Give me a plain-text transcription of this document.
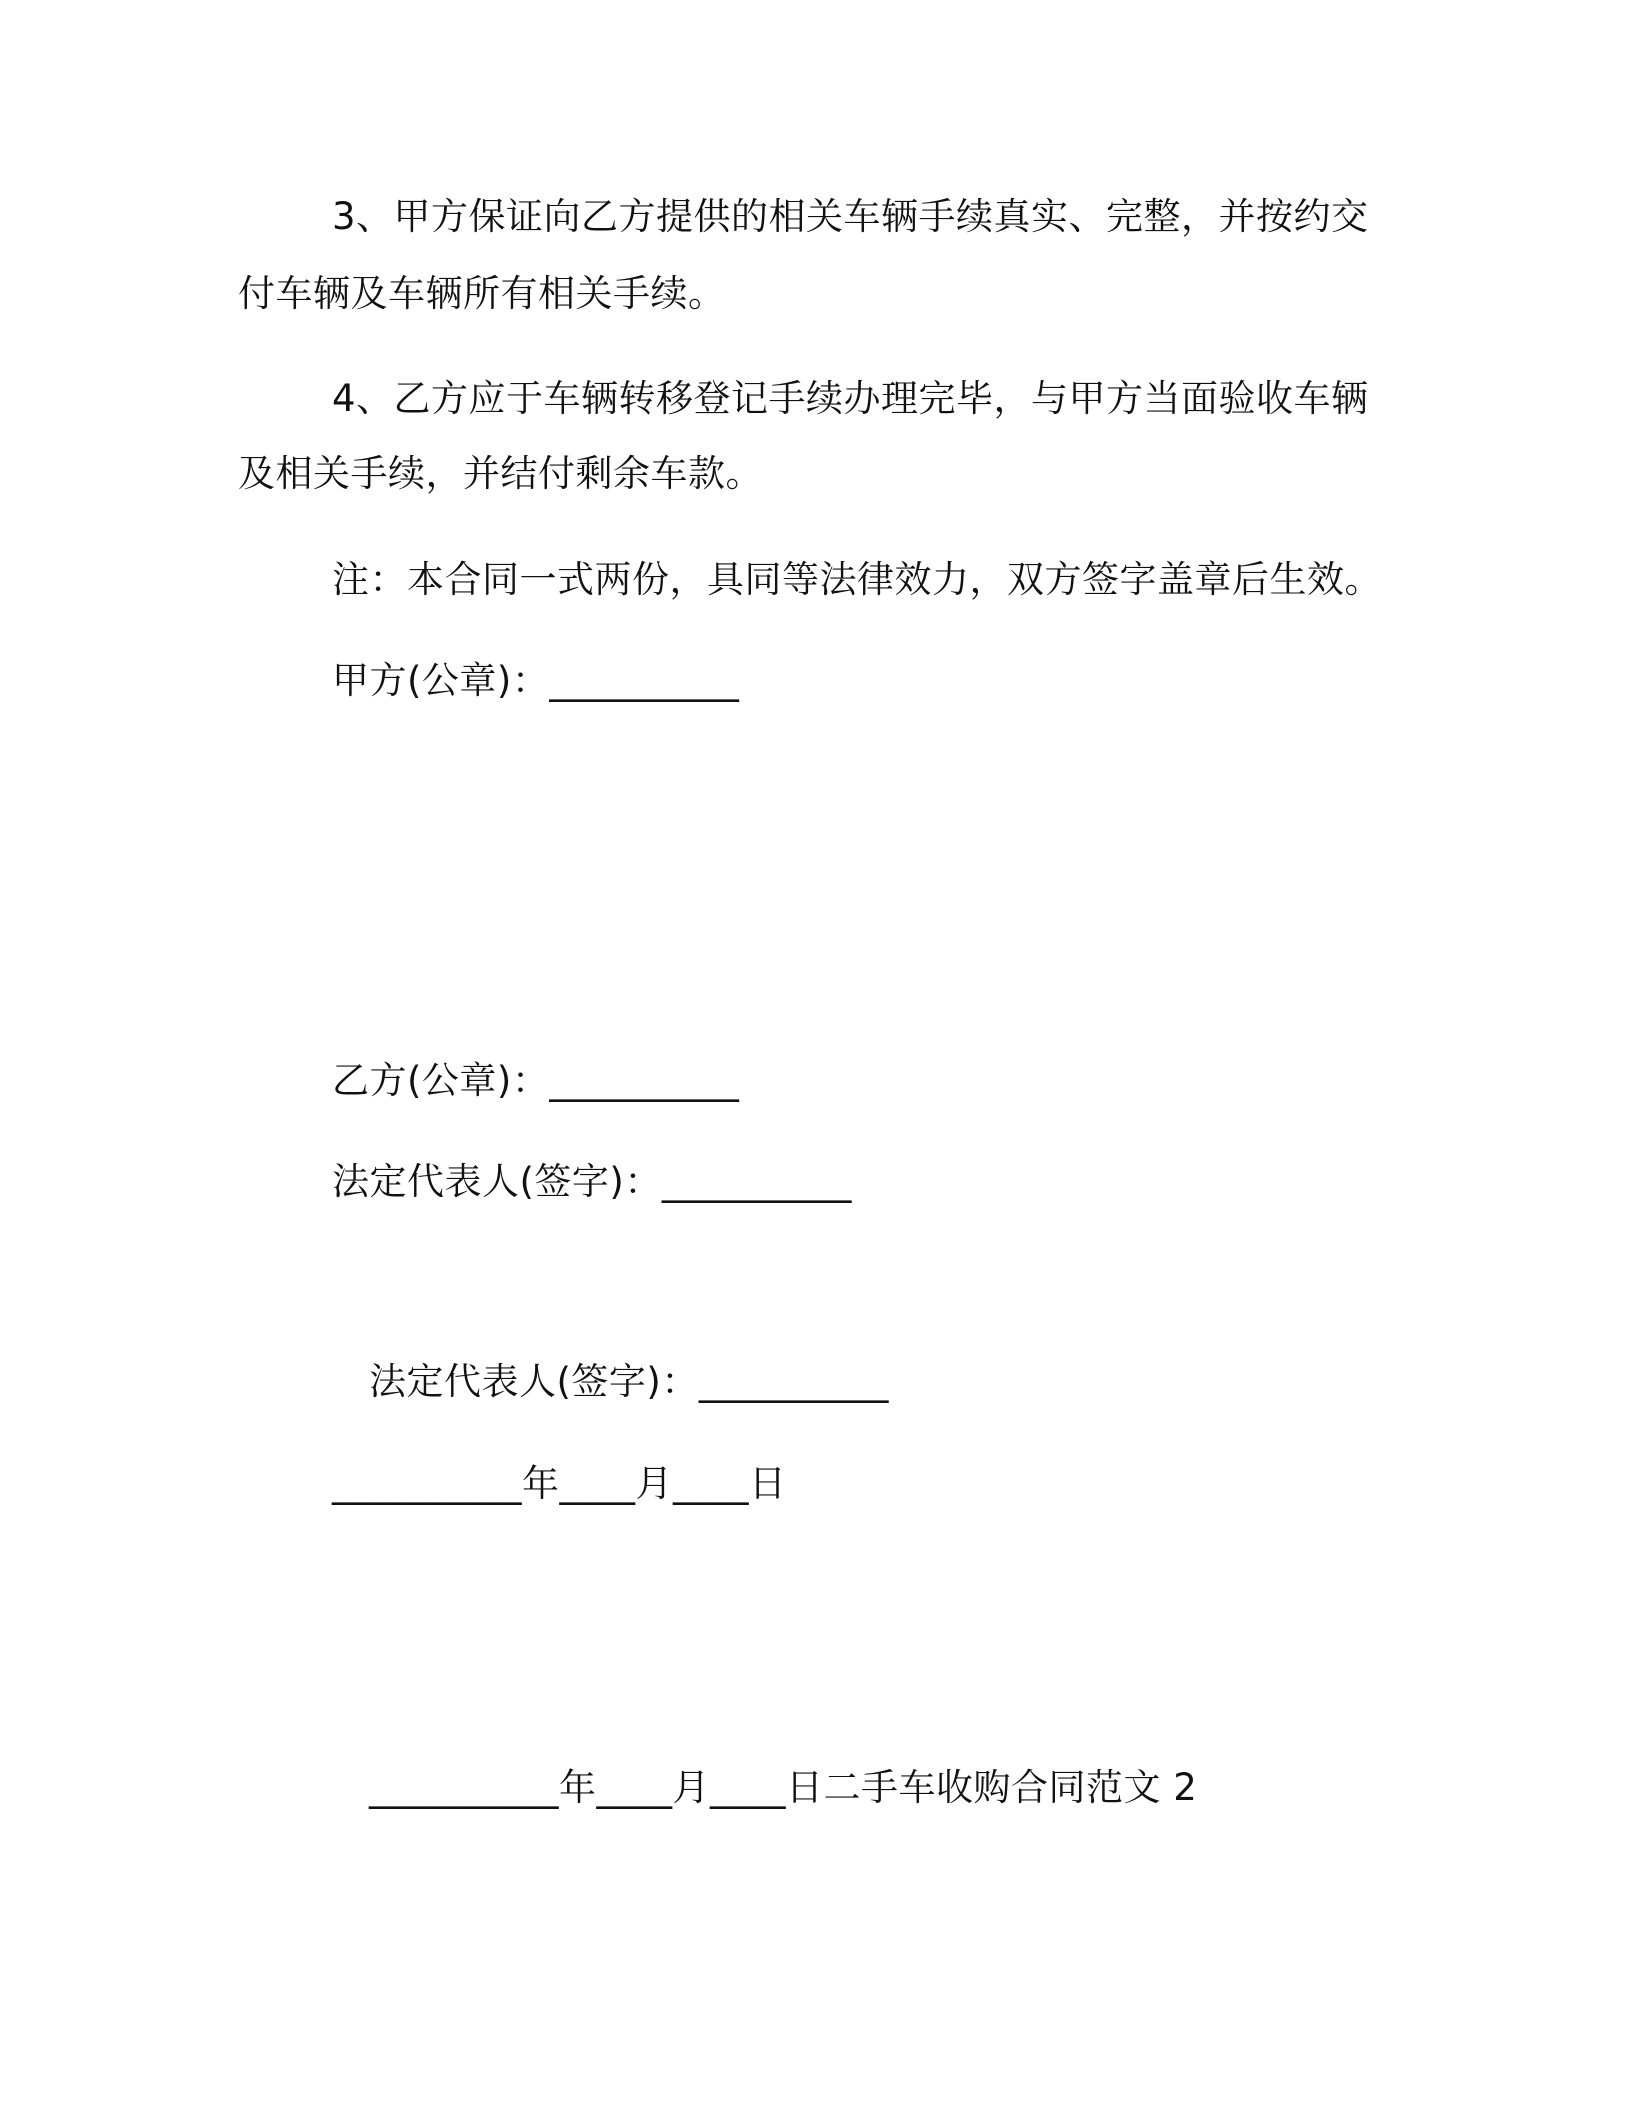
3、甲方保证向乙方提供的相关车辆手续真实、完整，并按约交
付车辆及车辆所有相关手续。
4、乙方应于车辆转移登记手续办理完毕，与甲方当面验收车辆
及相关手续，并结付剩余车款。
注：本合同一式两份，具同等法律效力，双方签字盖章后生效。
甲方(公章)：__________
乙方(公章)：__________
法定代表人(签字)：__________
法定代表人(签字)：__________
__________年____月____日
__________年____月____日二手车收购合同范文 2
